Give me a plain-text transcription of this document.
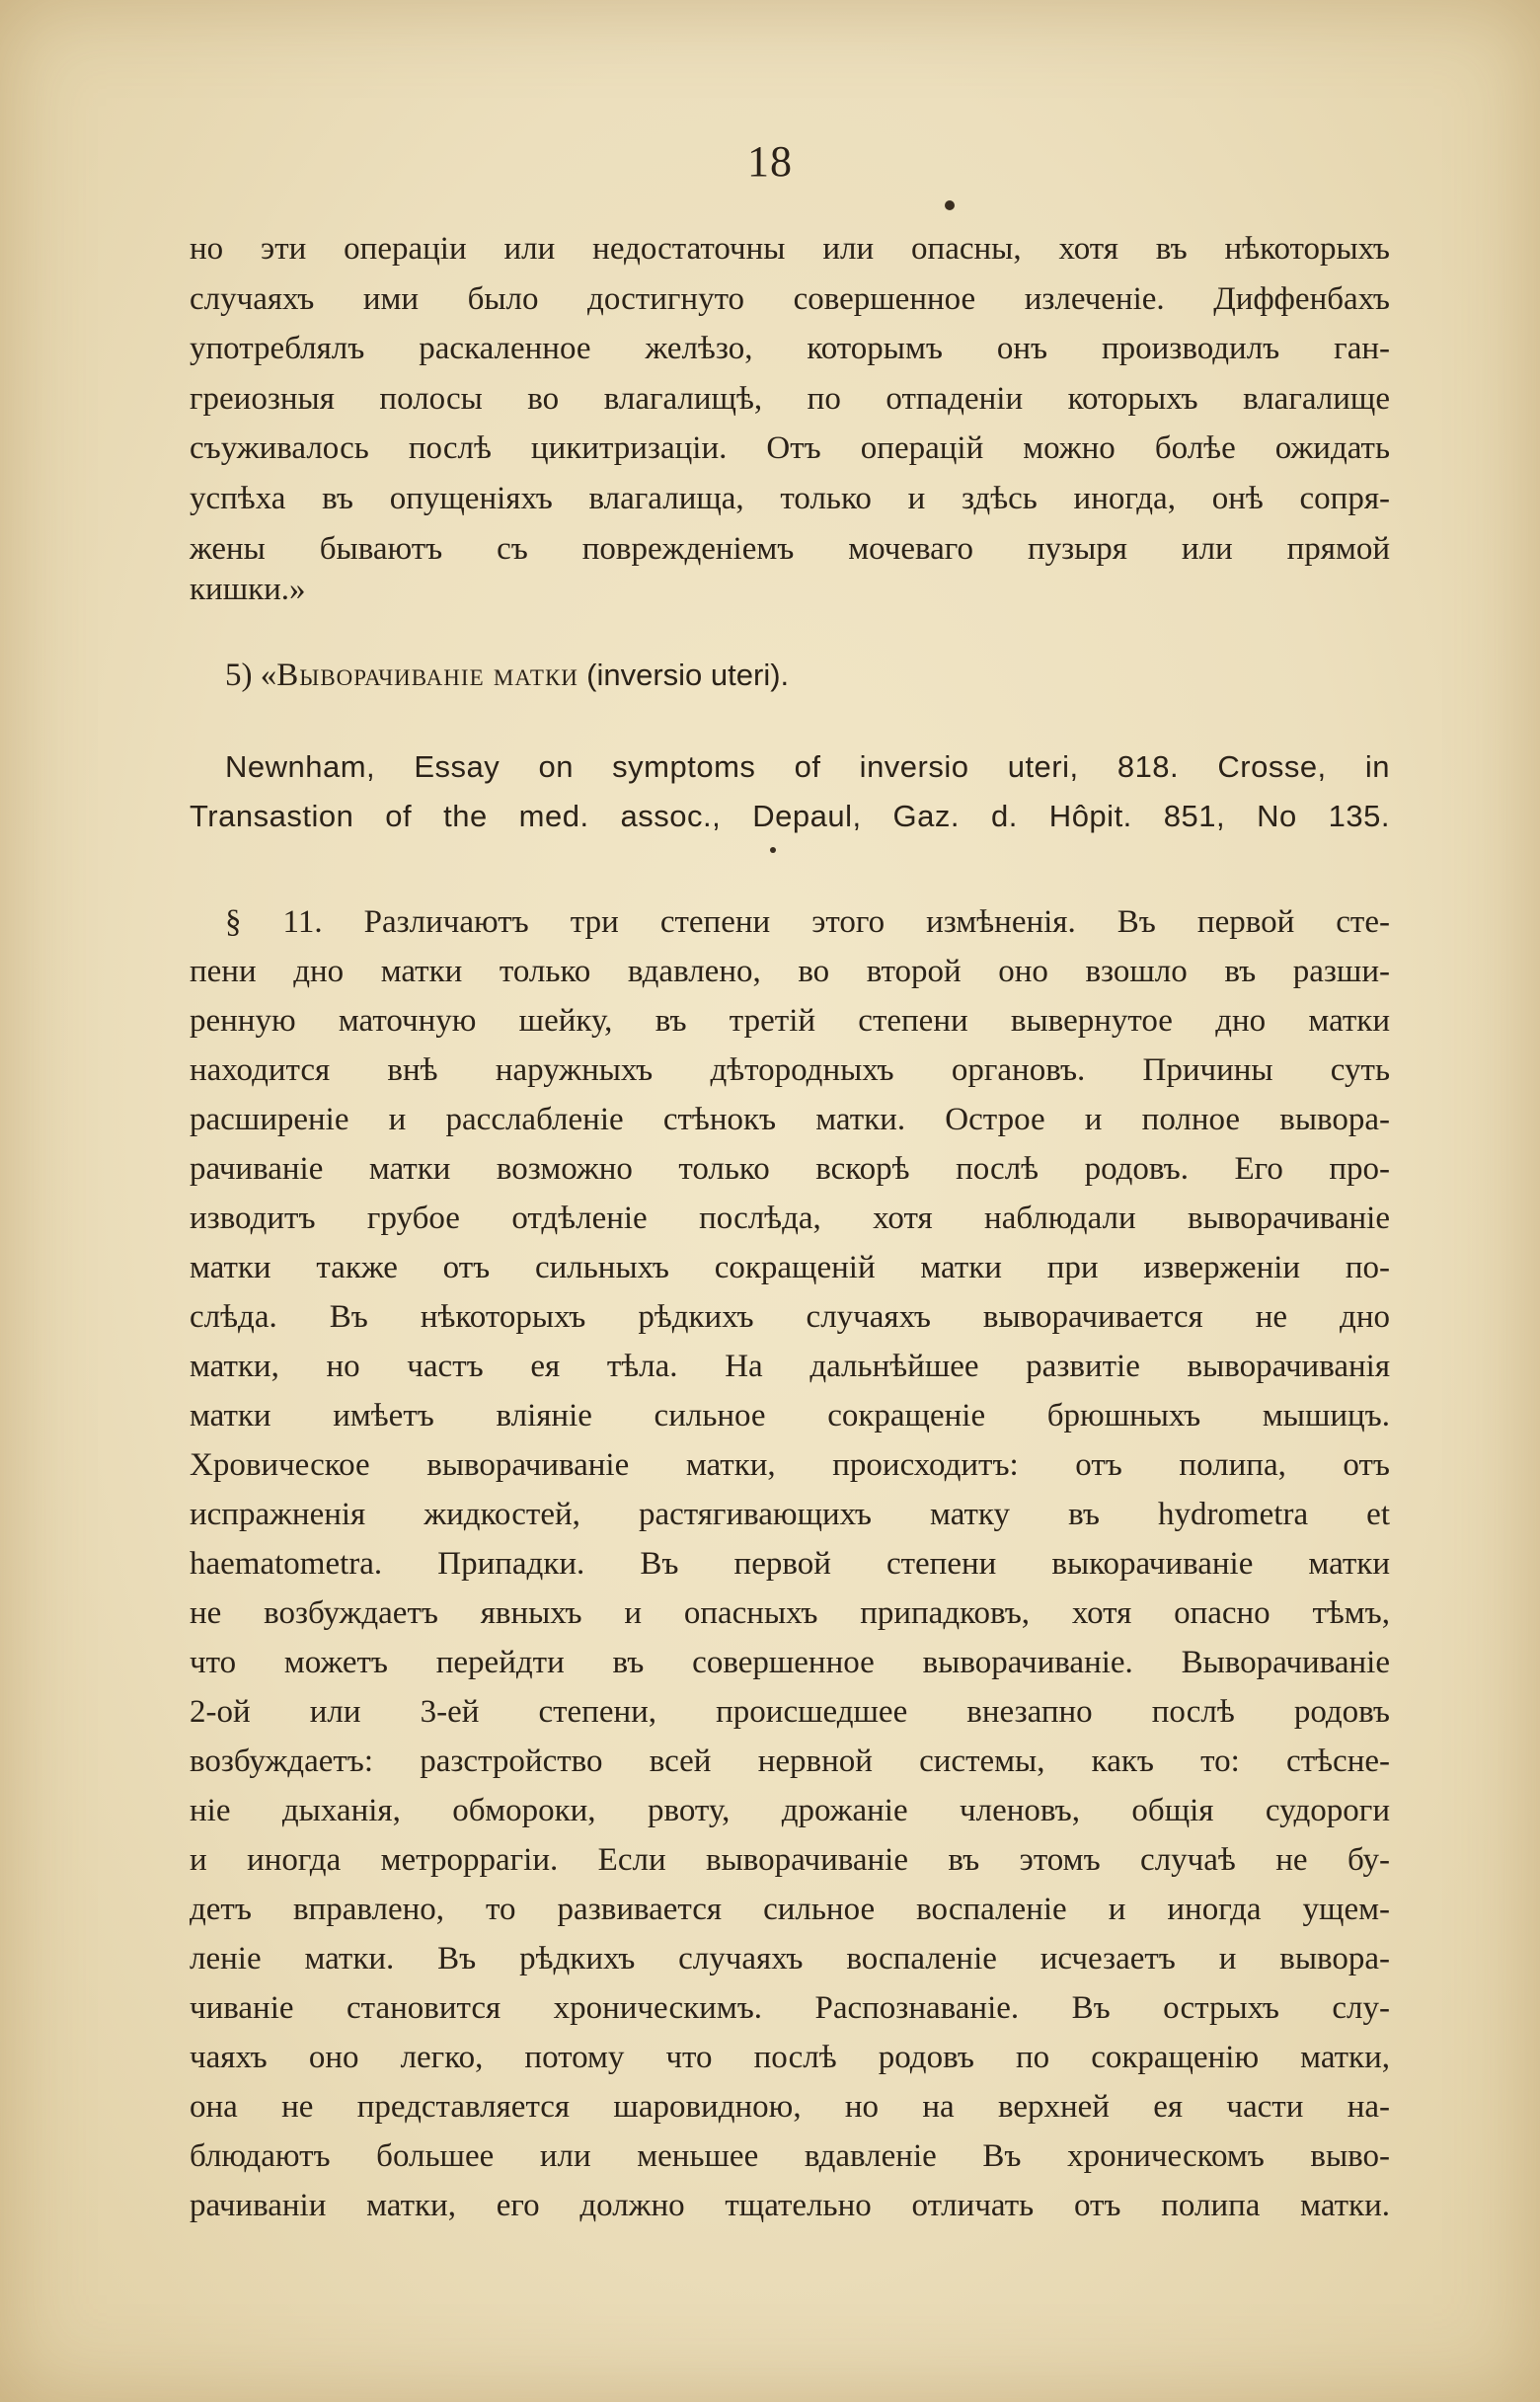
18
но эти операціи или недостаточны или опасны, хотя въ нѣкоторыхъ
случаяхъ ими было достигнуто совершенное излеченіе. Диффенбахъ
употреблялъ раскаленное желѣзо, которымъ онъ производилъ ган-
греиозныя полосы во влагалищѣ, по отпаденіи которыхъ влагалище
съуживалось послѣ цикитризаціи. Отъ операцій можно болѣе ожидать
успѣха въ опущеніяхъ влагалища, только и здѣсь иногда, онѣ сопря-
жены бываютъ съ поврежденіемъ мочеваго пузыря или прямой
кишки.»
5) «Выворачиваніе матки (inversio uteri).
Newnham, Essay on symptoms of inversio uteri, 818. Crosse, in
Transastion of the med. assoc., Depaul, Gaz. d. Hôpit. 851, No 135.
§ 11. Различаютъ три степени этого измѣненія. Въ первой сте-
пени дно матки только вдавлено, во второй оно взошло въ разши-
ренную маточную шейку, въ третій степени вывернутое дно матки
находится внѣ наружныхъ дѣтородныхъ органовъ. Причины суть
расширеніе и расслабленіе стѣнокъ матки. Острое и полное вывора-
рачиваніе матки возможно только вскорѣ послѣ родовъ. Его про-
изводитъ грубое отдѣленіе послѣда, хотя наблюдали выворачиваніе
матки также отъ сильныхъ сокращеній матки при изверженіи по-
слѣда. Въ нѣкоторыхъ рѣдкихъ случаяхъ выворачивается не дно
матки, но частъ ея тѣла. На дальнѣйшее развитіе выворачиванія
матки имѣетъ вліяніе сильное сокращеніе брюшныхъ мышицъ.
Хровическое выворачиваніе матки, происходитъ: отъ полипа, отъ
испражненія жидкостей, растягивающихъ матку въ hydrometra et
haematometra. Припадки. Въ первой степени выкорачиваніе матки
не возбуждаетъ явныхъ и опасныхъ припадковъ, хотя опасно тѣмъ,
что можетъ перейдти въ совершенное выворачиваніе. Выворачиваніе
2-ой или 3-ей степени, происшедшее внезапно послѣ родовъ
возбуждаетъ: разстройство всей нервной системы, какъ то: стѣсне-
ніе дыханія, обмороки, рвоту, дрожаніе членовъ, общія судороги
и иногда метроррагіи. Если выворачиваніе въ этомъ случаѣ не бу-
детъ вправлено, то развивается сильное воспаленіе и иногда ущем-
леніе матки. Въ рѣдкихъ случаяхъ воспаленіе исчезаетъ и вывора-
чиваніе становится хроническимъ. Распознаваніе. Въ острыхъ слу-
чаяхъ оно легко, потому что послѣ родовъ по сокращенію матки,
она не представляется шаровидною, но на верхней ея части на-
блюдаютъ большее или меньшее вдавленіе Въ хроническомъ выво-
рачиваніи матки, его должно тщательно отличать отъ полипа матки.
